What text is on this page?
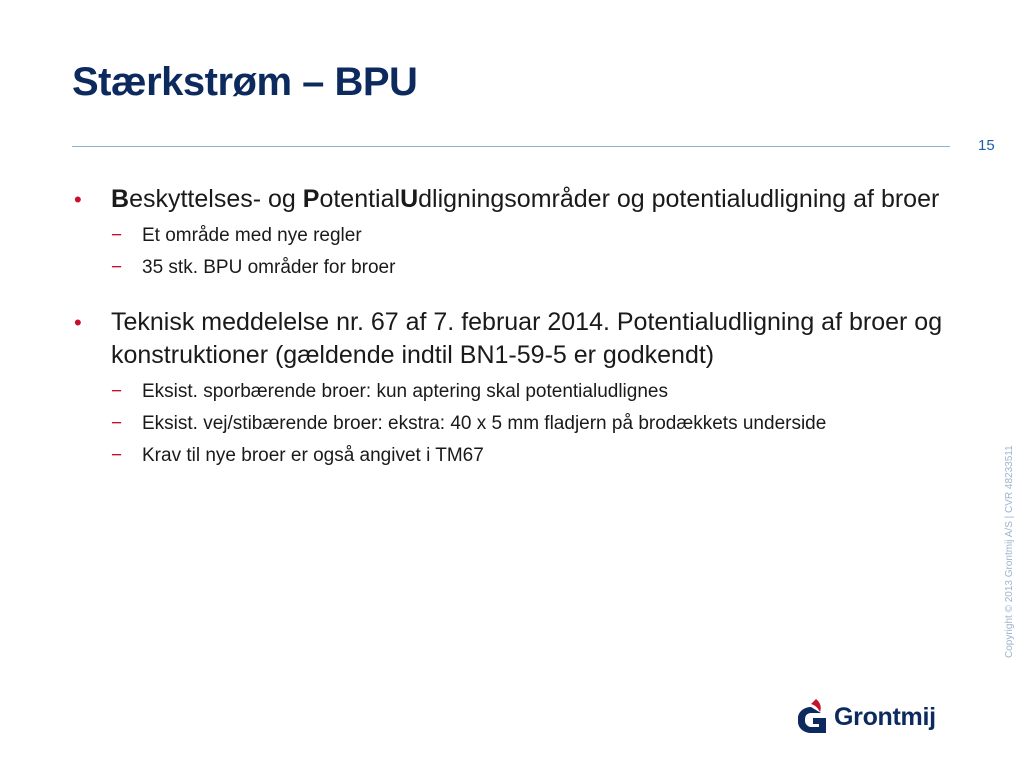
Stærkstrøm – BPU
15
• Beskyttelses- og PotentialUdligningsområder og potentialudligning af broer
− Et område med nye regler
− 35 stk. BPU områder for broer
• Teknisk meddelelse nr. 67 af 7. februar 2014. Potentialudligning af broer og konstruktioner (gældende indtil BN1-59-5 er godkendt)
− Eksist. sporbærende broer: kun aptering skal potentialudlignes
− Eksist. vej/stibærende broer: ekstra: 40 x 5 mm fladjern på brodækkets underside
− Krav til nye broer er også angivet i TM67	Copyright © 2013 Grontmij A/S | CVR 48233511
Grontmij
